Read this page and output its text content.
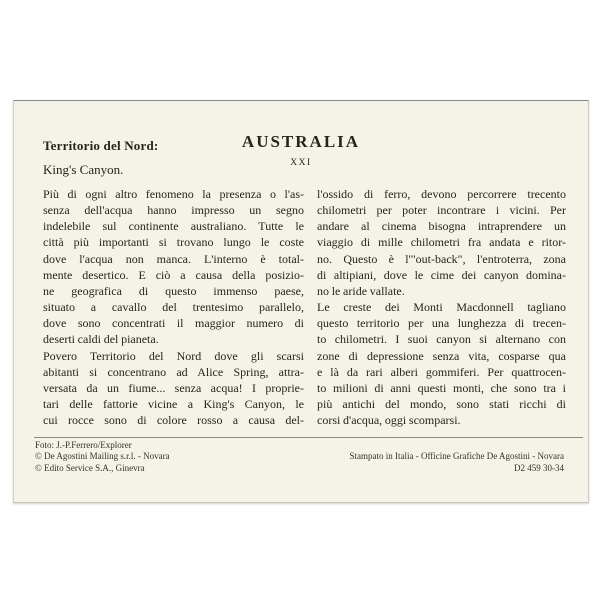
Territorio del Nord:
King's Canyon.
AUSTRALIA
XXI
Più di ogni altro fenomeno la presenza o l'as-
senza dell'acqua hanno impresso un segno
indelebile sul continente australiano. Tutte le
città più importanti si trovano lungo le coste
dove l'acqua non manca. L'interno è total-
mente desertico. E ciò a causa della posizio-
ne geografica di questo immenso paese,
situato a cavallo del trentesimo parallelo,
dove sono concentrati il maggior numero di
deserti caldi del pianeta.
Povero Territorio del Nord dove gli scarsi
abitanti si concentrano ad Alice Spring, attra-
versata da un fiume... senza acqua! I proprie-
tari delle fattorie vicine a King's Canyon, le
cui rocce sono di colore rosso a causa del-
l'ossido di ferro, devono percorrere trecento
chilometri per poter incontrare i vicini. Per
andare al cinema bisogna intraprendere un
viaggio di mille chilometri fra andata e ritor-
no. Questo è l'"out-back", l'entroterra, zona
di altipiani, dove le cime dei canyon domina-
no le aride vallate.
Le creste dei Monti Macdonnell tagliano
questo territorio per una lunghezza di trecen-
to chilometri. I suoi canyon si alternano con
zone di depressione senza vita, cosparse qua
e là da rari alberi gommiferi. Per quattrocen-
to milioni di anni questi monti, che sono tra i
più antichi del mondo, sono stati ricchi di
corsi d'acqua, oggi scomparsi.
Foto: J.-P.Ferrero/Explorer
© De Agostini Mailing s.r.l. - Novara
© Edito Service S.A., Ginevra
Stampato in Italia - Officine Grafiche De Agostini - Novara
D2 459 30-34
